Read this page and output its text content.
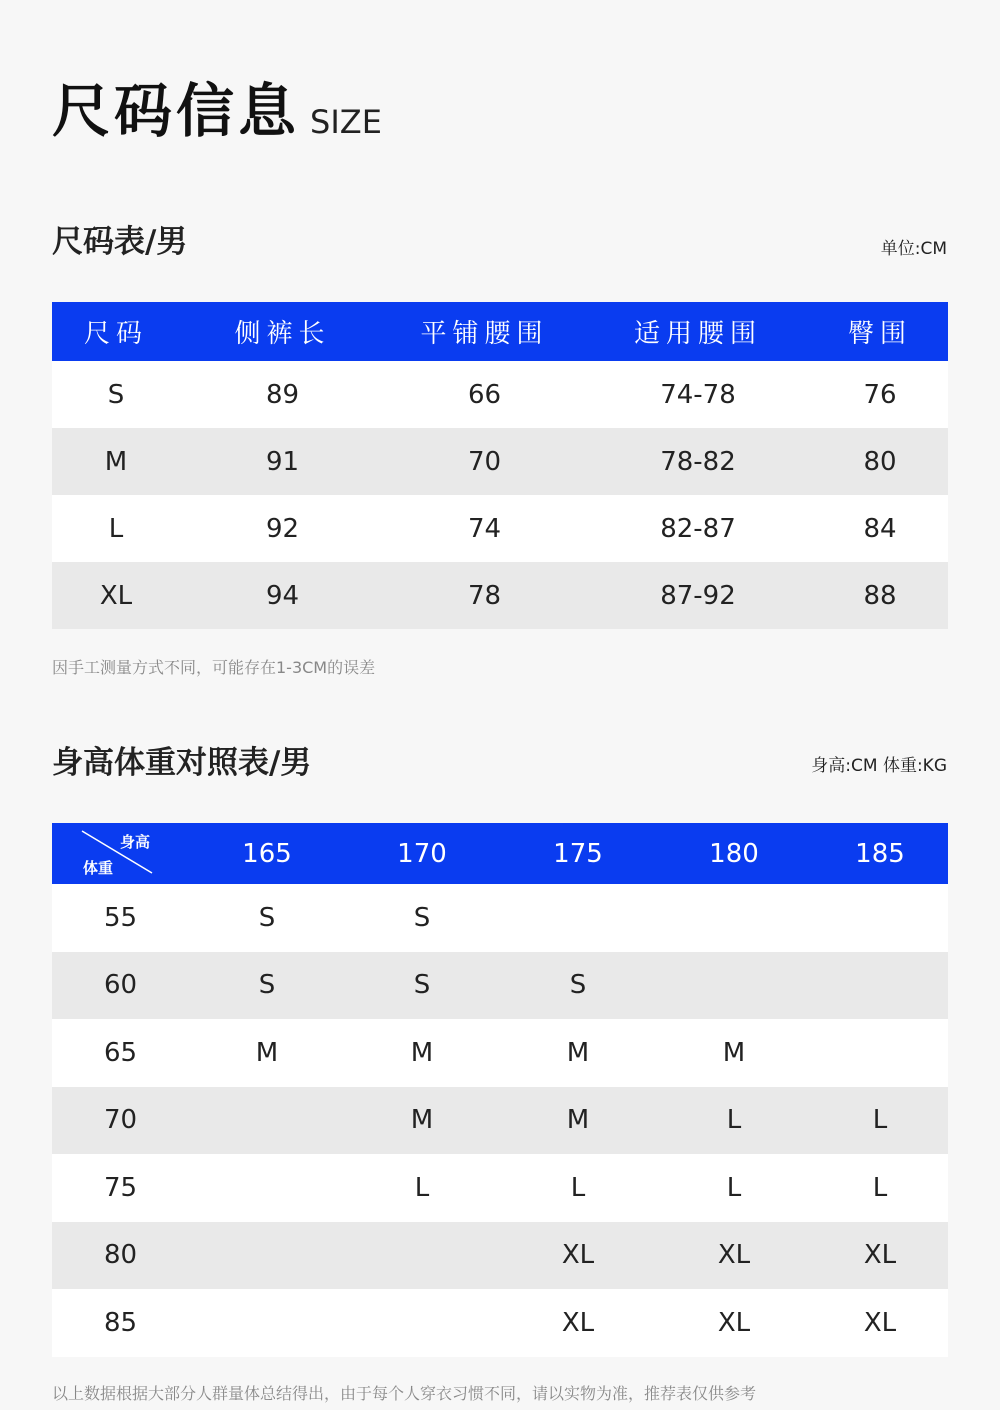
尺码信息 SIZE
尺码表/男	单位:CM
尺码	侧裤长	平铺腰围	适用腰围	臀围
S	89	66	74-78	76
M	91	70	78-82	80
L	92	74	82-87	84
XL	94	78	87-92	88
因手工测量方式不同，可能存在1-3CM的误差
身高体重对照表/男	身高:CM 体重:KG
身高
体重	165	170	175	180	185
55	S	S			
60	S	S	S		
65	M	M	M	M	
70		M	M	L	L
75		L	L	L	L
80			XL	XL	XL
85			XL	XL	XL
以上数据根据大部分人群量体总结得出，由于每个人穿衣习惯不同，请以实物为准，推荐表仅供参考
